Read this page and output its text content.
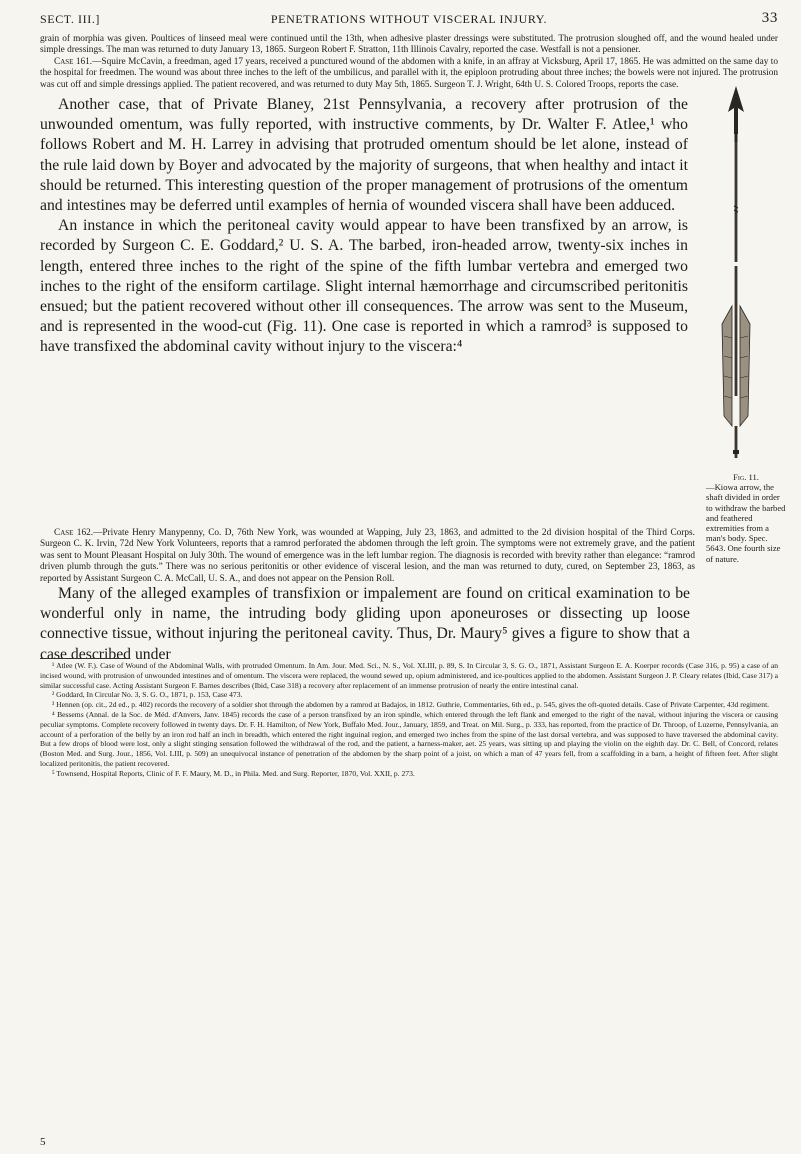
SECT. III.]	PENETRATIONS WITHOUT VISCERAL INJURY.	33

grain of morphia was given. Poultices of linseed meal were continued until the 13th, when adhesive plaster dressings were substituted. The protrusion sloughed off, and the wound healed under simple dressings. The man was returned to duty January 13, 1865. Surgeon Robert F. Stratton, 11th Illinois Cavalry, reported the case. Westfall is not a pensioner.

Case 161.—Squire McCavin, a freedman, aged 17 years, received a punctured wound of the abdomen with a knife, in an affray at Vicksburg, April 17, 1865. He was admitted on the same day to the hospital for freedmen. The wound was about three inches to the left of the umbilicus, and parallel with it, the epiploon protruding about three inches; the bowels were not injured. The protrusion was cut off and simple dressings applied. The patient recovered, and was returned to duty May 5th, 1865. Surgeon T. J. Wright, 64th U. S. Colored Troops, reports the case.

Another case, that of Private Blaney, 21st Pennsylvania, a recovery after protrusion of the unwounded omentum, was fully reported, with instructive comments, by Dr. Walter F. Atlee,¹ who follows Robert and M. H. Larrey in advising that protruded omentum should be let alone, instead of the rule laid down by Boyer and advocated by the majority of surgeons, that when healthy and intact it should be returned. This interesting question of the proper management of protrusions of the omentum and intestines may be deferred until examples of hernia of wounded viscera shall have been adduced.

An instance in which the peritoneal cavity would appear to have been transfixed by an arrow, is recorded by Surgeon C. E. Goddard,² U. S. A. The barbed, iron-headed arrow, twenty-six inches in length, entered three inches to the right of the spine of the fifth lumbar vertebra and emerged two inches to the right of the ensiform cartilage. Slight internal hæmorrhage and circumscribed peritonitis ensued; but the patient recovered without other ill consequences. The arrow was sent to the Museum, and is represented in the wood-cut (Fig. 11). One case is reported in which a ramrod³ is supposed to have transfixed the abdominal cavity without injury to the viscera:⁴

Case 162.—Private Henry Manypenny, Co. D, 76th New York, was wounded at Wapping, July 23, 1863, and admitted to the 2d division hospital of the Third Corps. Surgeon C. K. Irvin, 72d New York Volunteers, reports that a ramrod perforated the abdomen through the left groin. The symptoms were not extremely grave, and the patient was sent to Mount Pleasant Hospital on July 30th. The wound of emergence was in the left lumbar region. The diagnosis is recorded with brevity rather than elegance: “ramrod driven plumb through the guts.” There was no serious peritonitis or other evidence of visceral lesion, and the man was returned to duty, cured, on September 23, 1863, as reported by Assistant Surgeon C. A. McCall, U. S. A., and does not appear on the Pension Roll.

Many of the alleged examples of transfixion or impalement are found on critical examination to be wonderful only in name, the intruding body gliding upon aponeuroses or dissecting up loose connective tissue, without injuring the peritoneal cavity. Thus, Dr. Maury⁵ gives a figure to show that a case described under

Fig. 11.
—Kiowa arrow, the shaft divided in order to withdraw the barbed and feathered extremities from a man's body. Spec. 5643. One fourth size of nature.

¹ Atlee (W. F.). Case of Wound of the Abdominal Walls, with protruded Omentum. In Am. Jour. Med. Sci., N. S., Vol. XLIII, p. 89, S. In Circular 3, S. G. O., 1871, Assistant Surgeon E. A. Koerper records (Case 316, p. 95) a case of an incised wound, with protrusion of unwounded intestines and of omentum. The viscera were replaced, the wound sewed up, opium administered, and ice-poultices applied to the abdomen. Assistant Surgeon J. P. Cleary relates (Ibid, Case 317) a similar successful case. Acting Assistant Surgeon F. Barnes describes (Ibid, Case 318) a recovery after replacement of an immense protrusion of nearly the entire intestinal canal.

² Goddard, In Circular No. 3, S. G. O., 1871, p. 153, Case 473.

³ Hennen (op. cit., 2d ed., p. 402) records the recovery of a soldier shot through the abdomen by a ramrod at Badajos, in 1812. Guthrie, Commentaries, 6th ed., p. 545, gives the oft-quoted details. Case of Private Carpenter, 43d regiment.

⁴ Bessems (Annal. de la Soc. de Méd. d'Anvers, Janv. 1845) records the case of a person transfixed by an iron spindle, which entered through the left flank and emerged to the right of the naval, without injuring the viscera or causing peculiar symptoms. Complete recovery followed in twenty days. Dr. F. H. Hamilton, of New York, Buffalo Med. Jour., January, 1859, and Treat. on Mil. Surg., p. 333, has reported, from the practice of Dr. Throop, of Luzerne, Pennsylvania, an account of a perforation of the belly by an iron rod half an inch in breadth, which entered the right inguinal region, and emerged two inches from the spine of the last dorsal vertebra, and was supposed to have traversed the abdominal cavity. But a few drops of blood were lost, only a slight stinging sensation followed the withdrawal of the rod, and the patient, a harness-maker, aet. 25 years, was sitting up and playing the violin on the eighth day. Dr. C. Bell, of Concord, relates (Boston Med. and Surg. Jour., 1856, Vol. LIII, p. 509) an unequivocal instance of penetration of the abdomen by the sharp point of a joist, on which a man of 47 years fell, from a scaffolding in a barn, a height of fifteen feet. After slight localized peritonitis, the patient recovered.

⁵ Townsend, Hospital Reports, Clinic of F. F. Maury, M. D., in Phila. Med. and Surg. Reporter, 1870, Vol. XXII, p. 273.

5
